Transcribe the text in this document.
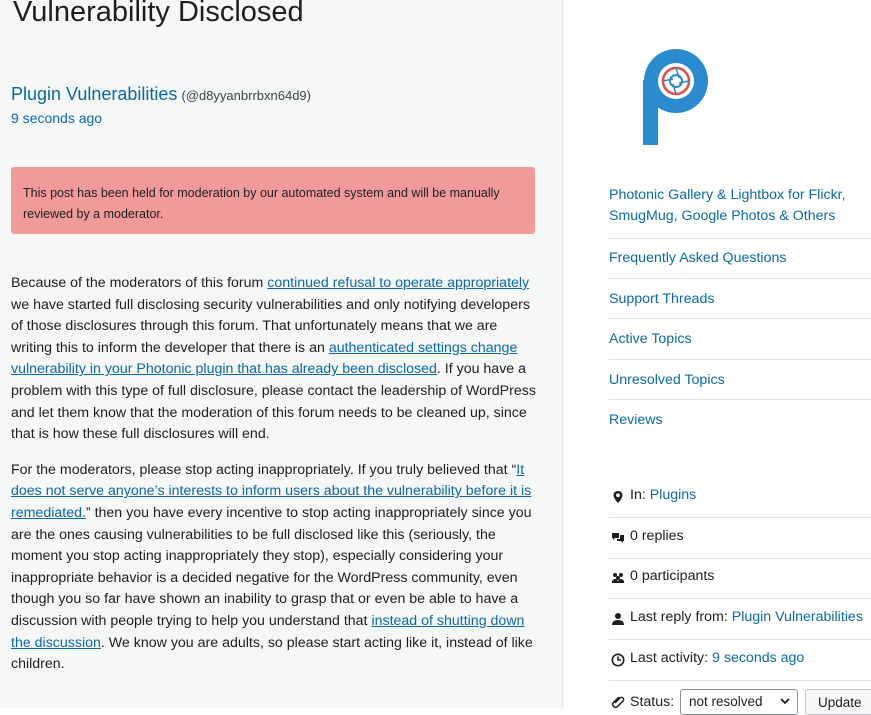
Vulnerability Disclosed
Plugin Vulnerabilities (@d8yyanbrrbxn64d9)
9 seconds ago
This post has been held for moderation by our automated system and will be manually reviewed by a moderator.

Because of the moderators of this forum continued refusal to operate appropriately we have started full disclosing security vulnerabilities and only notifying developers of those disclosures through this forum. That unfortunately means that we are writing this to inform the developer that there is an authenticated settings change vulnerability in your Photonic plugin that has already been disclosed. If you have a problem with this type of full disclosure, please contact the leadership of WordPress and let them know that the moderation of this forum needs to be cleaned up, since that is how these full disclosures will end.

For the moderators, please stop acting inappropriately. If you truly believed that “It does not serve anyone’s interests to inform users about the vulnerability before it is remediated.” then you have every incentive to stop acting inappropriately since you are the ones causing vulnerabilities to be full disclosed like this (seriously, the moment you stop acting inappropriately they stop), especially considering your inappropriate behavior is a decided negative for the WordPress community, even though you so far have shown an inability to grasp that or even be able to have a discussion with people trying to help you understand that instead of shutting down the discussion. We know you are adults, so please start acting like it, instead of like children.

Photonic Gallery & Lightbox for Flickr, SmugMug, Google Photos & Others
Frequently Asked Questions
Support Threads
Active Topics
Unresolved Topics
Reviews
In: Plugins
0 replies
0 participants
Last reply from: Plugin Vulnerabilities
Last activity: 9 seconds ago
Status:	not resolved	Update
